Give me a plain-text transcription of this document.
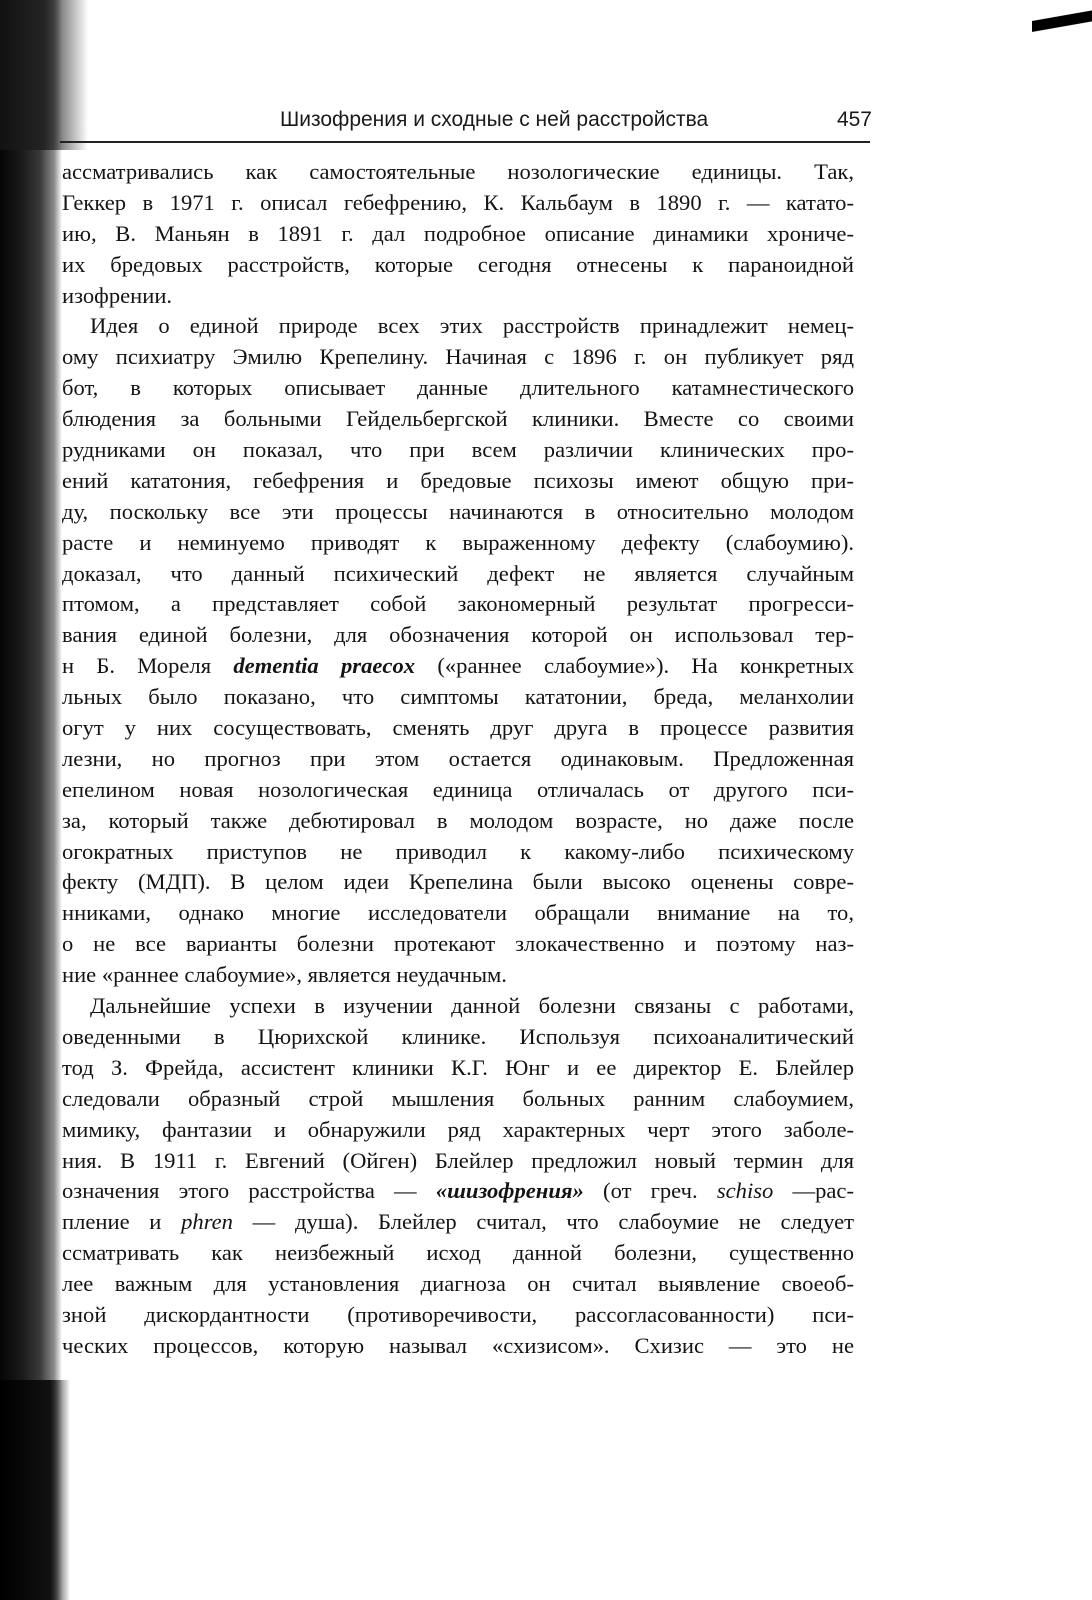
Шизофрения и сходные с ней расстройства	457
ассматривались как самостоятельные нозологические единицы. Так,
Геккер в 1971 г. описал гебефрению, К. Кальбаум в 1890 г. — катато-
ию, В. Маньян в 1891 г. дал подробное описание динамики хрониче-
их бредовых расстройств, которые сегодня отнесены к параноидной
изофрении.
Идея о единой природе всех этих расстройств принадлежит немец-
ому психиатру Эмилю Крепелину. Начиная с 1896 г. он публикует ряд
бот, в которых описывает данные длительного катамнестического
блюдения за больными Гейдельбергской клиники. Вместе со своими
рудниками он показал, что при всем различии клинических про-
ений кататония, гебефрения и бредовые психозы имеют общую при-
ду, поскольку все эти процессы начинаются в относительно молодом
расте и неминуемо приводят к выраженному дефекту (слабоумию).
доказал, что данный психический дефект не является случайным
птомом, а представляет собой закономерный результат прогресси-
вания единой болезни, для обозначения которой он использовал тер-
н Б. Мореля dementia praecox («раннее слабоумие»). На конкретных
льных было показано, что симптомы кататонии, бреда, меланхолии
огут у них сосуществовать, сменять друг друга в процессе развития
лезни, но прогноз при этом остается одинаковым. Предложенная
епелином новая нозологическая единица отличалась от другого пси-
за, который также дебютировал в молодом возрасте, но даже после
огократных приступов не приводил к какому-либо психическому
фекту (МДП). В целом идеи Крепелина были высоко оценены совре-
нниками, однако многие исследователи обращали внимание на то,
о не все варианты болезни протекают злокачественно и поэтому наз-
ние «раннее слабоумие», является неудачным.
Дальнейшие успехи в изучении данной болезни связаны с работами,
оведенными в Цюрихской клинике. Используя психоаналитический
тод З. Фрейда, ассистент клиники К.Г. Юнг и ее директор Е. Блейлер
следовали образный строй мышления больных ранним слабоумием,
мимику, фантазии и обнаружили ряд характерных черт этого заболе-
ния. В 1911 г. Евгений (Ойген) Блейлер предложил новый термин для
означения этого расстройства — «шизофрения» (от греч. schiso —рас-
пление и phren — душа). Блейлер считал, что слабоумие не следует
ссматривать как неизбежный исход данной болезни, существенно
лее важным для установления диагноза он считал выявление своеоб-
зной дискордантности (противоречивости, рассогласованности) пси-
ческих процессов, которую называл «схизисом». Схизис — это не
